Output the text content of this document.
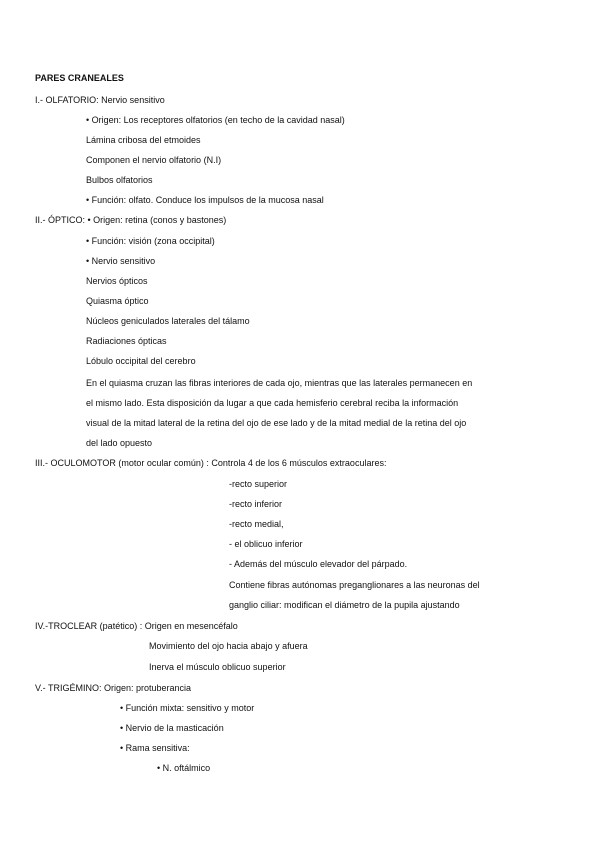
PARES CRANEALES
I.- OLFATORIO: Nervio sensitivo
• Origen: Los receptores olfatorios (en techo de la cavidad nasal)
Lámina cribosa del etmoides
Componen el nervio olfatorio (N.I)
Bulbos olfatorios
• Función: olfato. Conduce los impulsos de la mucosa nasal
II.- ÓPTICO: • Origen: retina (conos y bastones)
• Función: visión (zona occipital)
• Nervio sensitivo
Nervios ópticos
Quiasma óptico
Núcleos geniculados laterales del tálamo
Radiaciones ópticas
Lóbulo occipital del cerebro
En el quiasma cruzan las fibras interiores de cada ojo, mientras que las laterales permanecen en
el mismo lado. Esta disposición da lugar a que cada hemisferio cerebral reciba la información
visual de la mitad lateral de la retina del ojo de ese lado y de la mitad medial de la retina del ojo
del lado opuesto
III.- OCULOMOTOR (motor ocular común) : Controla 4 de los 6 músculos extraoculares:
-recto superior
-recto inferior
-recto medial,
- el oblicuo inferior
- Además del músculo elevador del párpado.
Contiene fibras autónomas preganglionares a las neuronas del
ganglio ciliar: modifican el diámetro de la pupila ajustando
IV.-TROCLEAR (patético) : Origen en mesencéfalo
Movimiento del ojo hacia abajo y afuera
Inerva el músculo oblicuo superior
V.- TRIGÉMINO: Origen: protuberancia
• Función mixta: sensitivo y motor
• Nervio de la masticación
• Rama sensitiva:
• N. oftálmico
